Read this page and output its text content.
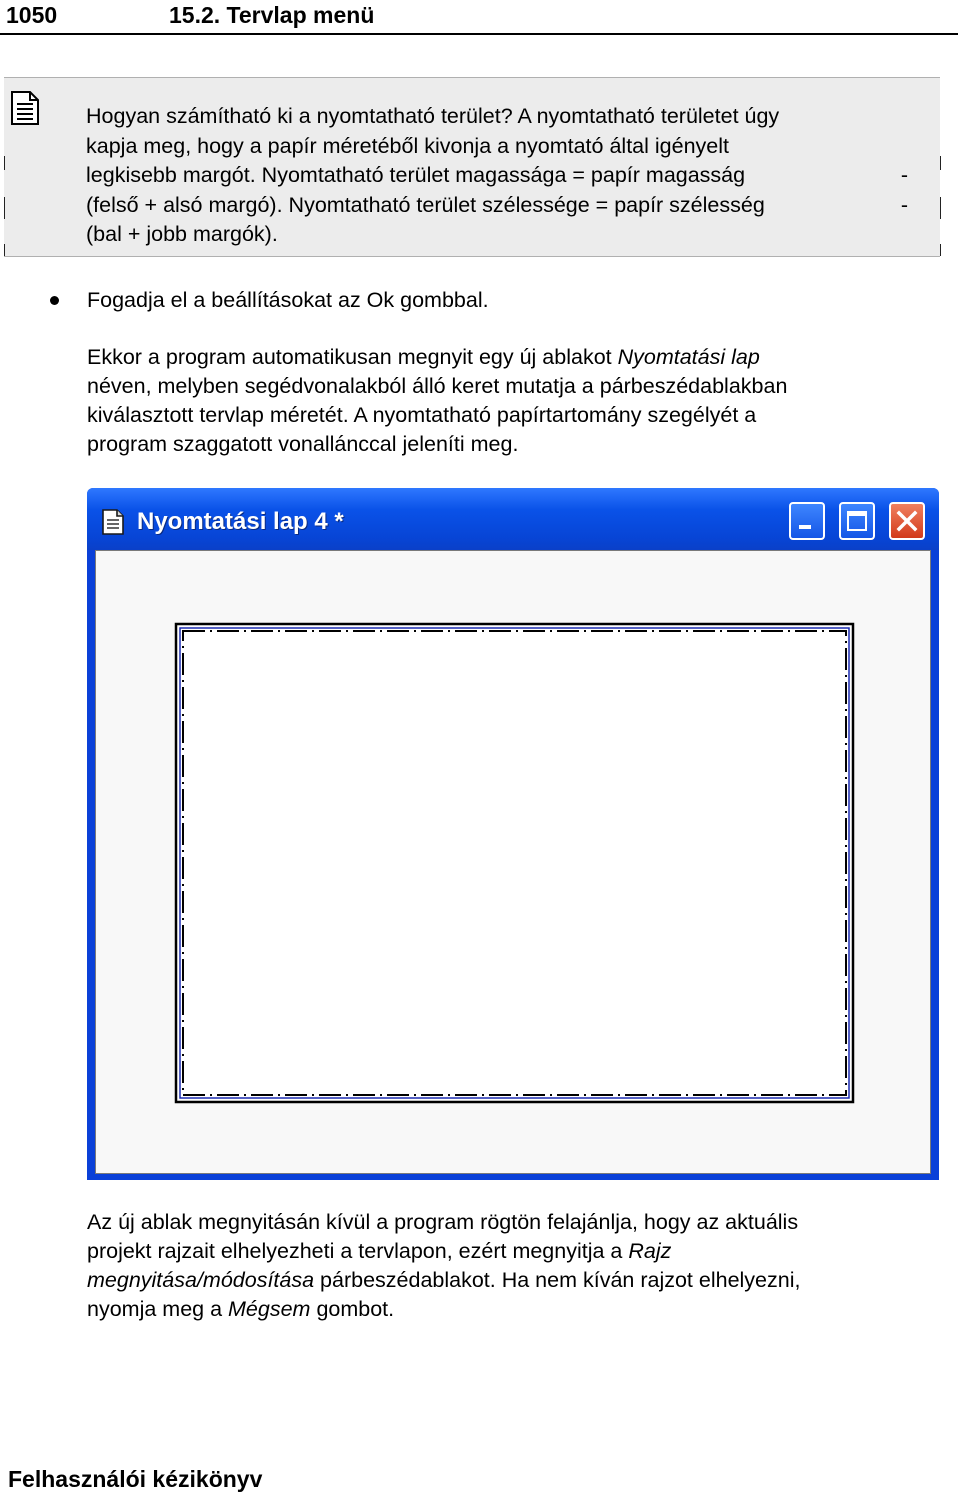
1050	15.2. Tervlap menü
Hogyan számítható ki a nyomtatható terület? A nyomtatható területet úgy
kapja meg, hogy a papír méretéből kivonja a nyomtató által igényelt
legkisebb margót. Nyomtatható terület magassága = papír magasság	-
(felső + alsó margó). Nyomtatható terület szélessége = papír szélesség	-
(bal + jobb margók).
Fogadja el a beállításokat az Ok gombbal.
Ekkor a program automatikusan megnyit egy új ablakot Nyomtatási lap
néven, melyben segédvonalakból álló keret mutatja a párbeszédablakban
kiválasztott tervlap méretét. A nyomtatható papírtartomány szegélyét a
program szaggatott vonallánccal jeleníti meg.
Nyomtatási lap 4 *
Az új ablak megnyitásán kívül a program rögtön felajánlja, hogy az aktuális
projekt rajzait elhelyezheti a tervlapon, ezért megnyitja a Rajz
megnyitása/módosítása párbeszédablakot. Ha nem kíván rajzot elhelyezni,
nyomja meg a Mégsem gombot.
Felhasználói kézikönyv
